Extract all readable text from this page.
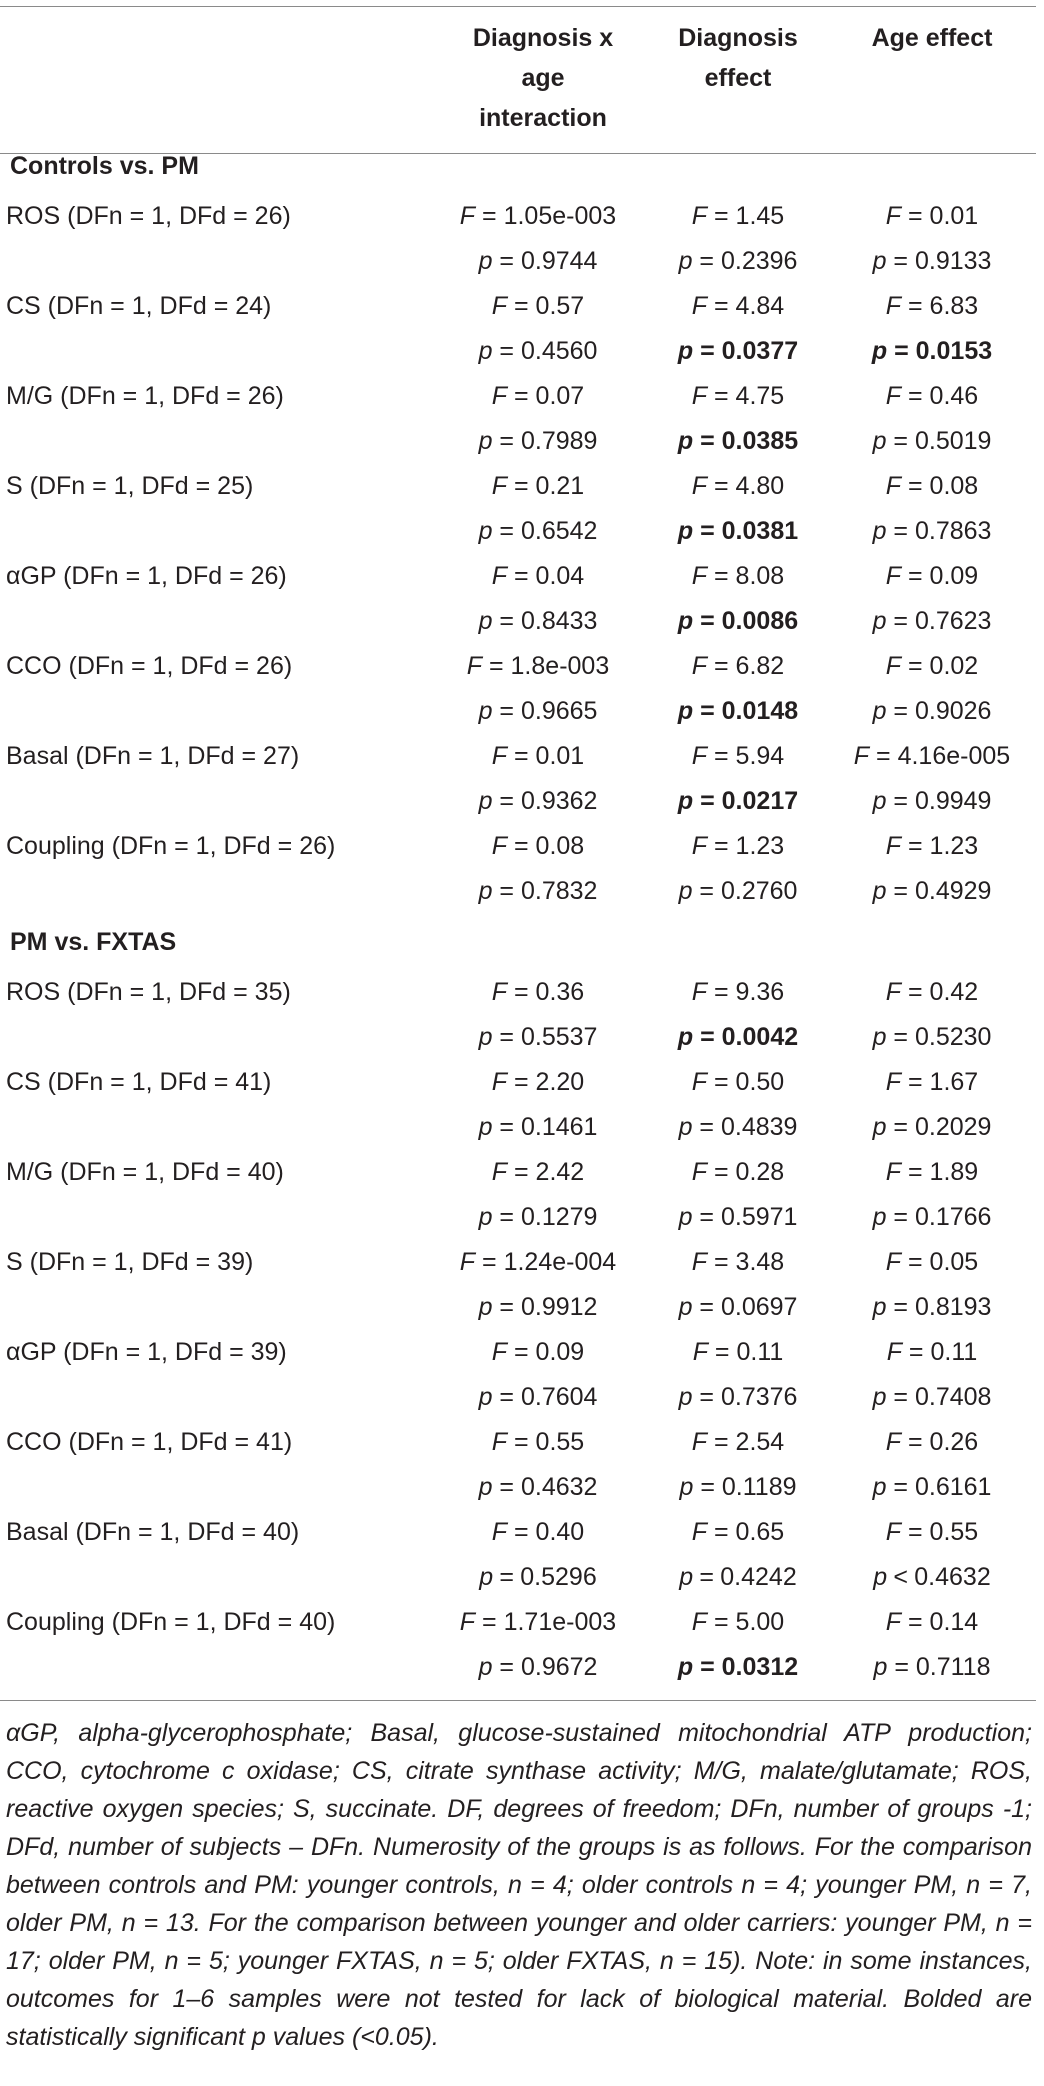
	Diagnosis x age interaction	Diagnosis effect	Age effect
Controls vs. PM			
ROS (DFn = 1, DFd = 26)	F = 1.05e-003	F = 1.45	F = 0.01
	p = 0.9744	p = 0.2396	p = 0.9133
CS (DFn = 1, DFd = 24)	F = 0.57	F = 4.84	F = 6.83
	p = 0.4560	p = 0.0377	p = 0.0153
M/G (DFn = 1, DFd = 26)	F = 0.07	F = 4.75	F = 0.46
	p = 0.7989	p = 0.0385	p = 0.5019
S (DFn = 1, DFd = 25)	F = 0.21	F = 4.80	F = 0.08
	p = 0.6542	p = 0.0381	p = 0.7863
αGP (DFn = 1, DFd = 26)	F = 0.04	F = 8.08	F = 0.09
	p = 0.8433	p = 0.0086	p = 0.7623
CCO (DFn = 1, DFd = 26)	F = 1.8e-003	F = 6.82	F = 0.02
	p = 0.9665	p = 0.0148	p = 0.9026
Basal (DFn = 1, DFd = 27)	F = 0.01	F = 5.94	F = 4.16e-005
	p = 0.9362	p = 0.0217	p = 0.9949
Coupling (DFn = 1, DFd = 26)	F = 0.08	F = 1.23	F = 1.23
	p = 0.7832	p = 0.2760	p = 0.4929
PM vs. FXTAS			
ROS (DFn = 1, DFd = 35)	F = 0.36	F = 9.36	F = 0.42
	p = 0.5537	p = 0.0042	p = 0.5230
CS (DFn = 1, DFd = 41)	F = 2.20	F = 0.50	F = 1.67
	p = 0.1461	p = 0.4839	p = 0.2029
M/G (DFn = 1, DFd = 40)	F = 2.42	F = 0.28	F = 1.89
	p = 0.1279	p = 0.5971	p = 0.1766
S (DFn = 1, DFd = 39)	F = 1.24e-004	F = 3.48	F = 0.05
	p = 0.9912	p = 0.0697	p = 0.8193
αGP (DFn = 1, DFd = 39)	F = 0.09	F = 0.11	F = 0.11
	p = 0.7604	p = 0.7376	p = 0.7408
CCO (DFn = 1, DFd = 41)	F = 0.55	F = 2.54	F = 0.26
	p = 0.4632	p = 0.1189	p = 0.6161
Basal (DFn = 1, DFd = 40)	F = 0.40	F = 0.65	F = 0.55
	p = 0.5296	p = 0.4242	p < 0.4632
Coupling (DFn = 1, DFd = 40)	F = 1.71e-003	F = 5.00	F = 0.14
	p = 0.9672	p = 0.0312	p = 0.7118
αGP, alpha-glycerophosphate; Basal, glucose-sustained mitochondrial ATP production; CCO, cytochrome c oxidase; CS, citrate synthase activity; M/G, malate/glutamate; ROS, reactive oxygen species; S, succinate. DF, degrees of freedom; DFn, number of groups -1; DFd, number of subjects – DFn. Numerosity of the groups is as follows. For the comparison between controls and PM: younger controls, n = 4; older controls n = 4; younger PM, n = 7, older PM, n = 13. For the comparison between younger and older carriers: younger PM, n = 17; older PM, n = 5; younger FXTAS, n = 5; older FXTAS, n = 15). Note: in some instances, outcomes for 1–6 samples were not tested for lack of biological material. Bolded are statistically significant p values (<0.05).
